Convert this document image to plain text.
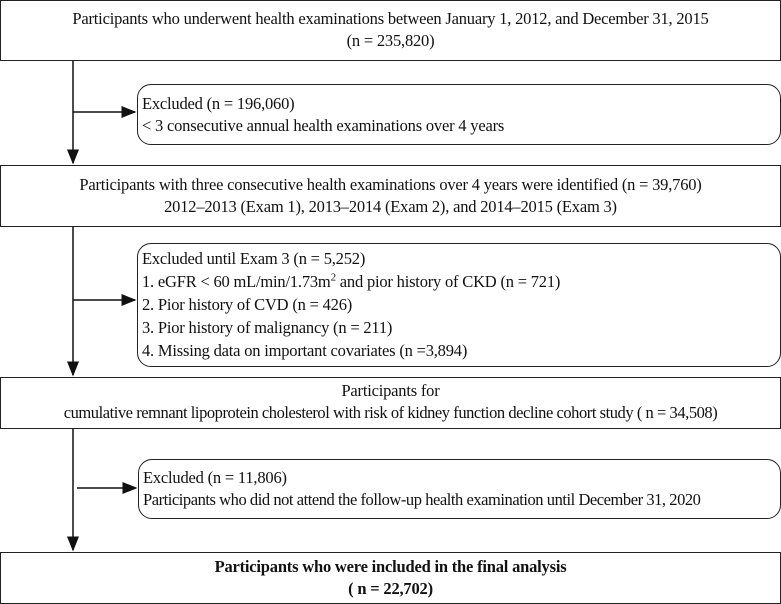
Participants who underwent health examinations between January 1, 2012, and December 31, 2015
(n = 235,820)
Excluded (n = 196,060)
< 3 consecutive annual health examinations over 4 years
Participants with three consecutive health examinations over 4 years were identified (n = 39,760)
2012–2013 (Exam 1), 2013–2014 (Exam 2), and 2014–2015 (Exam 3)
Excluded until Exam 3 (n = 5,252)
1. eGFR < 60 $mL/\min/1.73m^2$ and pior history of CKD (n = 721)
2. Pior history of CVD (n = 426)
3. Pior history of malignancy (n = 211)
4. Missing data on important covariates (n =3,894)
Participants for
cumulative remnant lipoprotein cholesterol with risk of kidney function decline cohort study ( n = 34,508)
Excluded (n = 11,806)
Participants who did not attend the follow-up health examination until December 31, 2020
Participants who were included in the final analysis
( n = 22,702)
